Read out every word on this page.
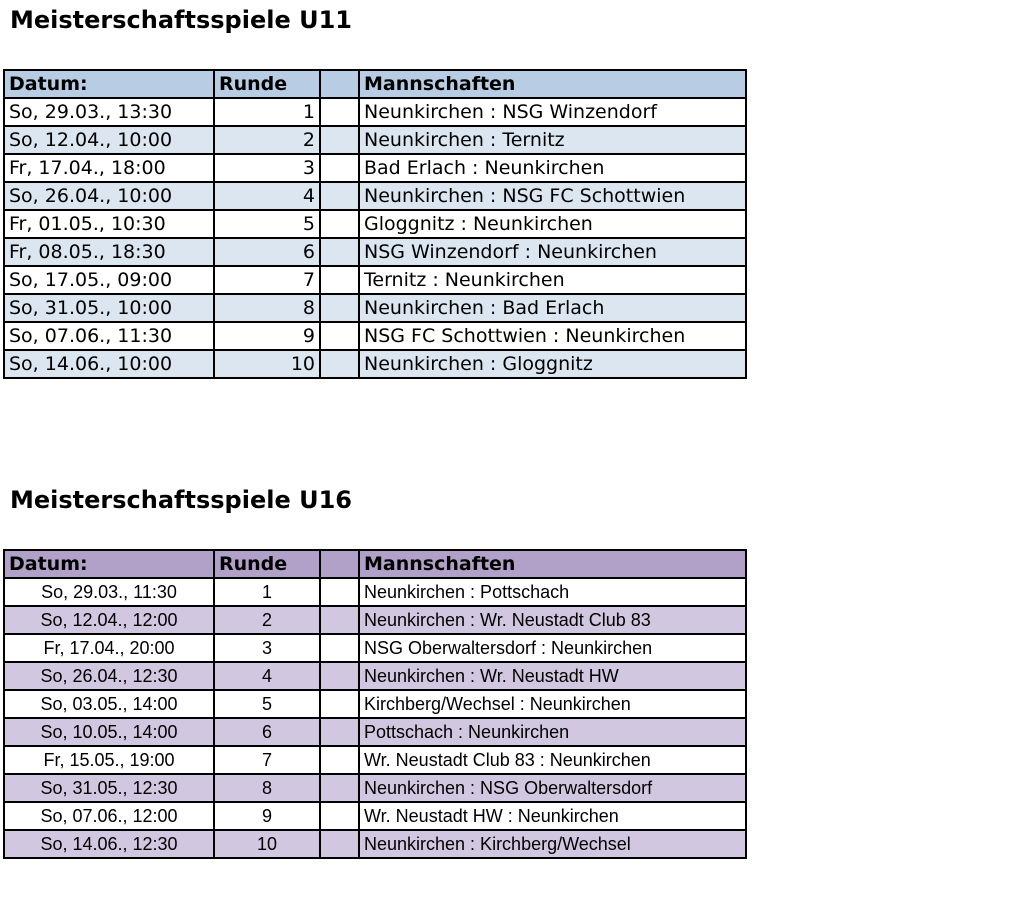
Meisterschaftsspiele U11
Datum:	Runde		Mannschaften
So, 29.03., 13:30	1		Neunkirchen : NSG Winzendorf
So, 12.04., 10:00	2		Neunkirchen : Ternitz
Fr, 17.04., 18:00	3		Bad Erlach : Neunkirchen
So, 26.04., 10:00	4		Neunkirchen : NSG FC Schottwien
Fr, 01.05., 10:30	5		Gloggnitz : Neunkirchen
Fr, 08.05., 18:30	6		NSG Winzendorf : Neunkirchen
So, 17.05., 09:00	7		Ternitz : Neunkirchen
So, 31.05., 10:00	8		Neunkirchen : Bad Erlach
So, 07.06., 11:30	9		NSG FC Schottwien : Neunkirchen
So, 14.06., 10:00	10		Neunkirchen : Gloggnitz
Meisterschaftsspiele U16
Datum:	Runde		Mannschaften
So, 29.03., 11:30	1		Neunkirchen : Pottschach
So, 12.04., 12:00	2		Neunkirchen : Wr. Neustadt Club 83
Fr, 17.04., 20:00	3		NSG Oberwaltersdorf : Neunkirchen
So, 26.04., 12:30	4		Neunkirchen : Wr. Neustadt HW
So, 03.05., 14:00	5		Kirchberg/Wechsel : Neunkirchen
So, 10.05., 14:00	6		Pottschach : Neunkirchen
Fr, 15.05., 19:00	7		Wr. Neustadt Club 83 : Neunkirchen
So, 31.05., 12:30	8		Neunkirchen : NSG Oberwaltersdorf
So, 07.06., 12:00	9		Wr. Neustadt HW : Neunkirchen
So, 14.06., 12:30	10		Neunkirchen : Kirchberg/Wechsel
